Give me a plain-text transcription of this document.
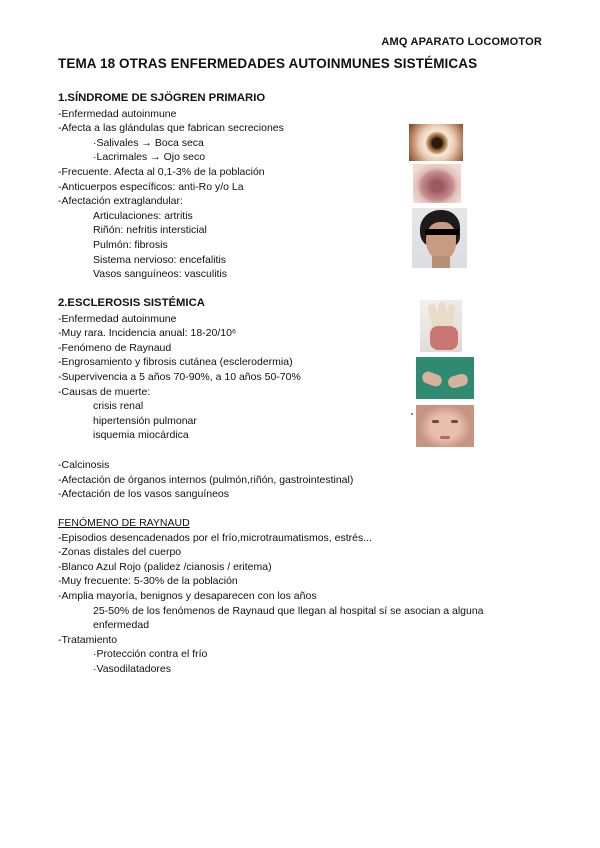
AMQ APARATO LOCOMOTOR
TEMA 18 OTRAS ENFERMEDADES AUTOINMUNES SISTÉMICAS
1.SÍNDROME DE SJÖGREN PRIMARIO
-Enfermedad autoinmune
-Afecta a las glándulas que fabrican secreciones
·Salivales → Boca seca
·Lacrimales → Ojo seco
-Frecuente. Afecta al 0,1-3% de la población
-Anticuerpos específicos: anti-Ro y/o La
-Afectación extraglandular:
Articulaciones: artritis
Riñón: nefritis intersticial
Pulmón: fibrosis
Sistema nervioso: encefalitis
Vasos sanguíneos: vasculitis
2.ESCLEROSIS SISTÉMICA
-Enfermedad autoinmune
-Muy rara. Incidencia anual: 18-20/10⁶
-Fenómeno de Raynaud
-Engrosamiento y fibrosis cutánea (esclerodermia)
-Supervivencia a 5 años 70-90%, a 10 años 50-70%
-Causas de muerte:
crisis renal
hipertensión pulmonar
isquemia miocárdica
-Calcinosis
-Afectación de órganos internos (pulmón,riñón, gastrointestinal)
-Afectación de los vasos sanguíneos
FENÓMENO DE RAYNAUD
-Episodios desencadenados por el frío,microtraumatismos, estrés...
-Zonas distales del cuerpo
-Blanco Azul Rojo (palidez /cianosis / eritema)
-Muy frecuente: 5-30% de la población
-Amplia mayoría, benignos y desaparecen con los años
25-50% de los fenómenos de Raynaud que llegan al hospital sí se asocian a alguna
enfermedad
-Tratamiento
·Protección contra el frío
·Vasodilatadores
